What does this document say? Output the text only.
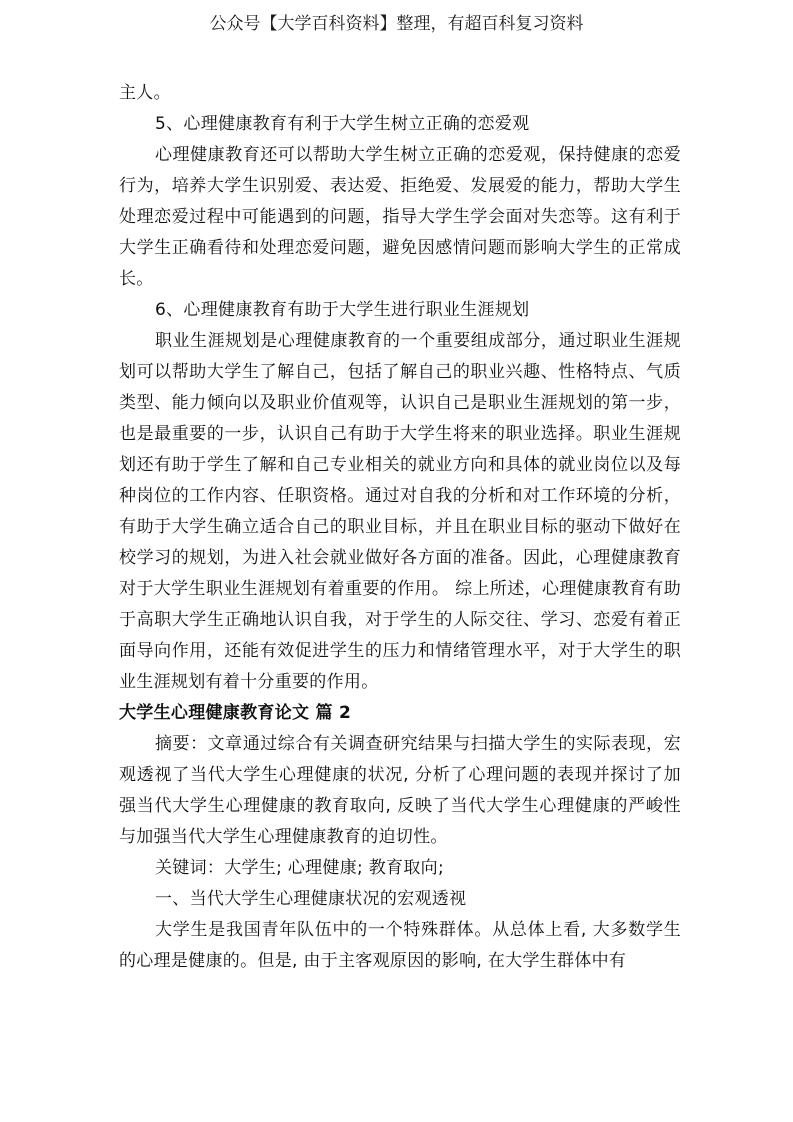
公众号【大学百科资料】整理，有超百科复习资料

主人。

5、心理健康教育有利于大学生树立正确的恋爱观

心理健康教育还可以帮助大学生树立正确的恋爱观，保持健康的恋爱行为，培养大学生识别爱、表达爱、拒绝爱、发展爱的能力，帮助大学生处理恋爱过程中可能遇到的问题，指导大学生学会面对失恋等。这有利于大学生正确看待和处理恋爱问题，避免因感情问题而影响大学生的正常成长。

6、心理健康教育有助于大学生进行职业生涯规划

职业生涯规划是心理健康教育的一个重要组成部分，通过职业生涯规划可以帮助大学生了解自己，包括了解自己的职业兴趣、性格特点、气质类型、能力倾向以及职业价值观等，认识自己是职业生涯规划的第一步，也是最重要的一步，认识自己有助于大学生将来的职业选择。职业生涯规划还有助于学生了解和自己专业相关的就业方向和具体的就业岗位以及每种岗位的工作内容、任职资格。通过对自我的分析和对工作环境的分析，有助于大学生确立适合自己的职业目标，并且在职业目标的驱动下做好在校学习的规划，为进入社会就业做好各方面的准备。因此，心理健康教育对于大学生职业生涯规划有着重要的作用。 综上所述，心理健康教育有助于高职大学生正确地认识自我，对于学生的人际交往、学习、恋爱有着正面导向作用，还能有效促进学生的压力和情绪管理水平，对于大学生的职业生涯规划有着十分重要的作用。

大学生心理健康教育论文 篇 2

摘要：文章通过综合有关调查研究结果与扫描大学生的实际表现，宏观透视了当代大学生心理健康的状况, 分析了心理问题的表现并探讨了加强当代大学生心理健康的教育取向, 反映了当代大学生心理健康的严峻性与加强当代大学生心理健康教育的迫切性。

关键词：大学生; 心理健康; 教育取向;

一、当代大学生心理健康状况的宏观透视

大学生是我国青年队伍中的一个特殊群体。从总体上看, 大多数学生的心理是健康的。但是, 由于主客观原因的影响, 在大学生群体中有
